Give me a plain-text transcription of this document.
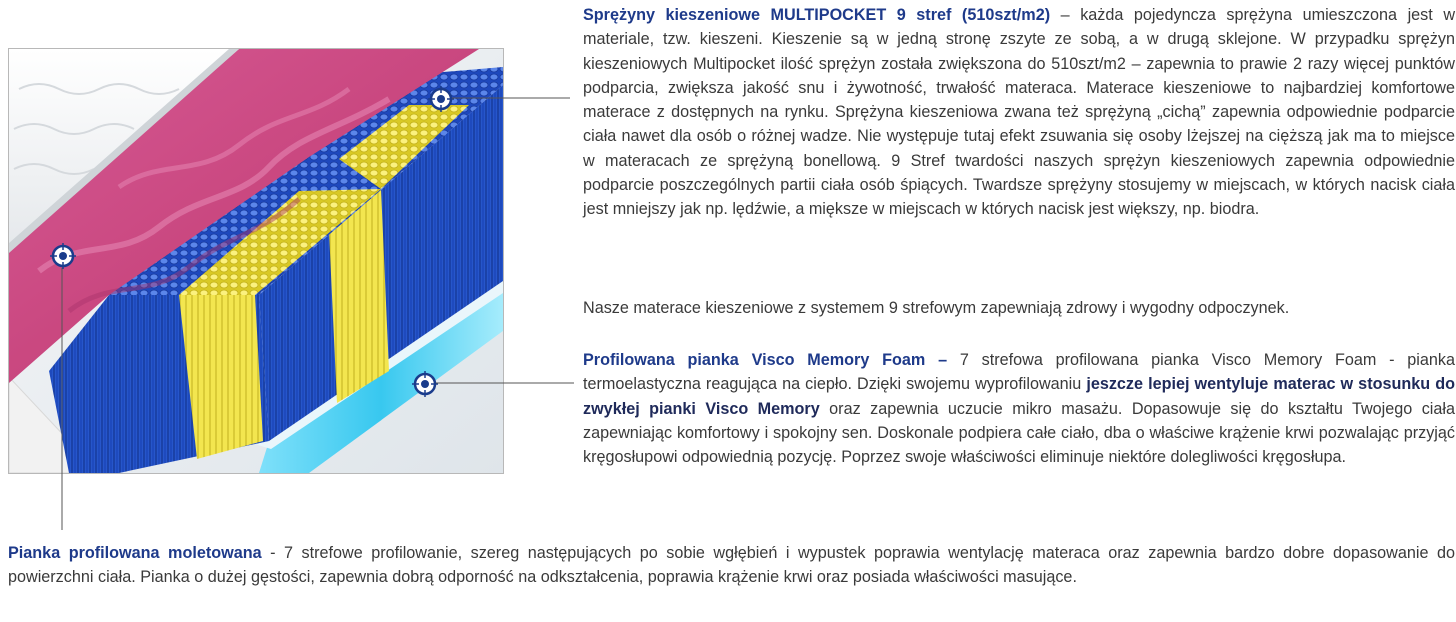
Sprężyny kieszeniowe MULTIPOCKET 9 stref (510szt/m2) – każda pojedyncza sprężyna umieszczona jest w materiale, tzw. kieszeni. Kieszenie są w jedną stronę zszyte ze sobą, a w drugą sklejone. W przypadku sprężyn kieszeniowych Multipocket ilość sprężyn została zwiększona do 510szt/m2 – zapewnia to prawie 2 razy więcej punktów podparcia, zwiększa jakość snu i żywotność, trwałość materaca. Materace kieszeniowe to najbardziej komfortowe materace z dostępnych na rynku. Sprężyna kieszeniowa zwana też sprężyną „cichą” zapewnia odpowiednie podparcie ciała nawet dla osób o różnej wadze. Nie występuje tutaj efekt zsuwania się osoby lżejszej na cięższą jak ma to miejsce w materacach ze sprężyną bonellową. 9 Stref twardości naszych sprężyn kieszeniowych zapewnia odpowiednie podparcie poszczególnych partii ciała osób śpiących. Twardsze sprężyny stosujemy w miejscach, w których nacisk ciała jest mniejszy jak np. lędźwie, a miększe w miejscach w których nacisk jest większy, np. biodra.

Nasze materace kieszeniowe z systemem 9 strefowym zapewniają zdrowy i wygodny odpoczynek.

Profilowana pianka Visco Memory Foam – 7 strefowa profilowana pianka Visco Memory Foam - pianka termoelastyczna reagująca na ciepło. Dzięki swojemu wyprofilowaniu jeszcze lepiej wentyluje materac w stosunku do zwykłej pianki Visco Memory oraz zapewnia uczucie mikro masażu. Dopasowuje się do kształtu Twojego ciała zapewniając komfortowy i spokojny sen. Doskonale podpiera całe ciało, dba o właściwe krążenie krwi pozwalając przyjąć kręgosłupowi odpowiednią pozycję. Poprzez swoje właściwości eliminuje niektóre dolegliwości kręgosłupa.

Pianka profilowana moletowana - 7 strefowe profilowanie, szereg następujących po sobie wgłębień i wypustek poprawia wentylację materaca oraz zapewnia bardzo dobre dopasowanie do powierzchni ciała. Pianka o dużej gęstości, zapewnia dobrą odporność na odkształcenia, poprawia krążenie krwi oraz posiada właściwości masujące.
